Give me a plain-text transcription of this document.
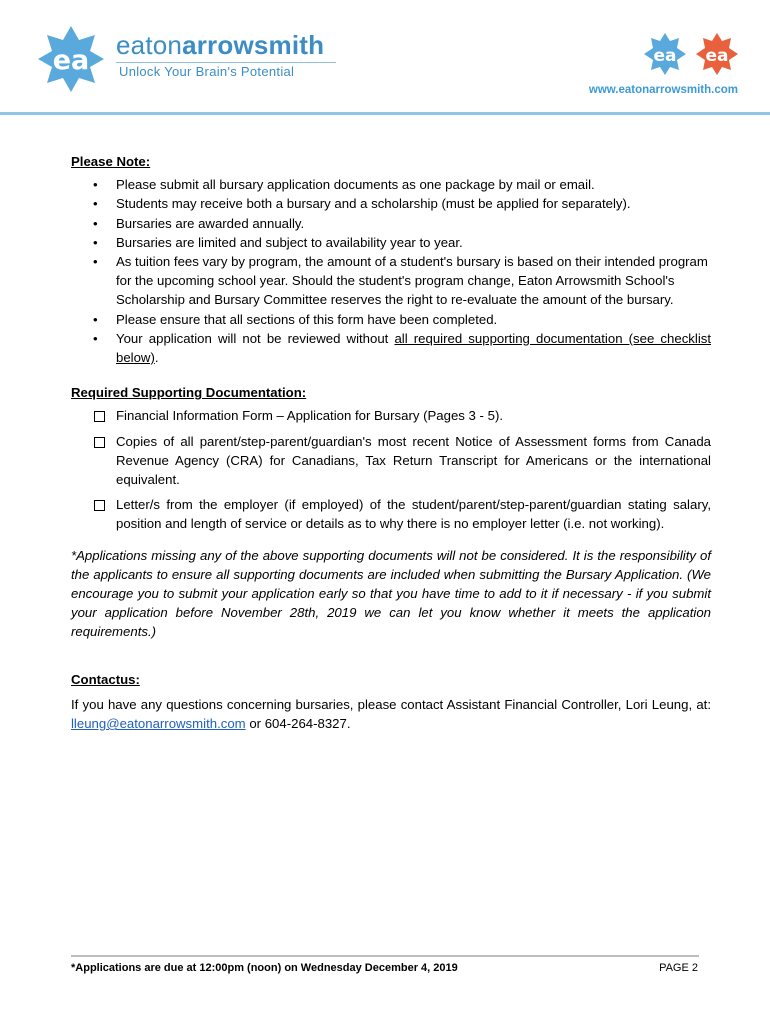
ea eatonarrowsmith
Unlock Your Brain's Potential
ea ea
www.eatonarrowsmith.com

Please Note:

• Please submit all bursary application documents as one package by mail or email.
• Students may receive both a bursary and a scholarship (must be applied for separately).
• Bursaries are awarded annually.
• Bursaries are limited and subject to availability year to year.
• As tuition fees vary by program, the amount of a student's bursary is based on their intended program for the upcoming school year. Should the student's program change, Eaton Arrowsmith School's Scholarship and Bursary Committee reserves the right to re-evaluate the amount of the bursary.
• Please ensure that all sections of this form have been completed.
• Your application will not be reviewed without all required supporting documentation (see checklist below).

Required Supporting Documentation:

Financial Information Form – Application for Bursary (Pages 3 - 5).
Copies of all parent/step-parent/guardian's most recent Notice of Assessment forms from Canada Revenue Agency (CRA) for Canadians, Tax Return Transcript for Americans or the international equivalent.
Letter/s from the employer (if employed) of the student/parent/step-parent/guardian stating salary, position and length of service or details as to why there is no employer letter (i.e. not working).

*Applications missing any of the above supporting documents will not be considered. It is the responsibility of the applicants to ensure all supporting documents are included when submitting the Bursary Application. (We encourage you to submit your application early so that you have time to add to it if necessary - if you submit your application before November 28th, 2019 we can let you know whether it meets the application requirements.)

Contactus:

If you have any questions concerning bursaries, please contact Assistant Financial Controller, Lori Leung, at: lleung@eatonarrowsmith.com or 604-264-8327.

*Applications are due at 12:00pm (noon) on Wednesday December 4, 2019	PAGE 2
